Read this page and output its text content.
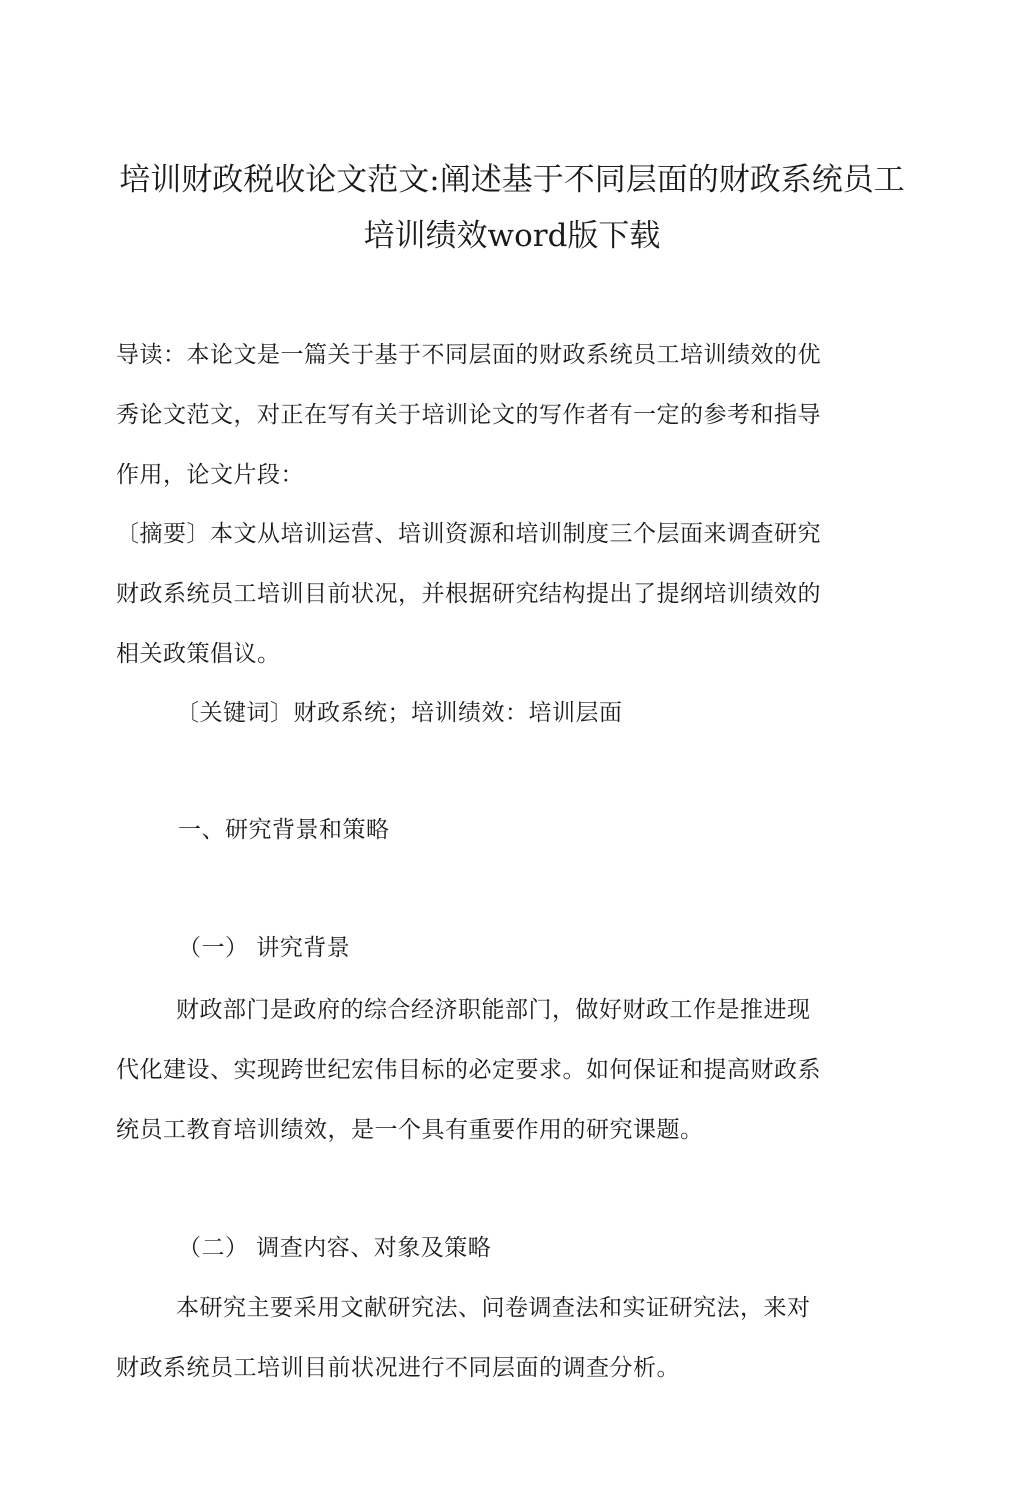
培训财政税收论文范文:阐述基于不同层面的财政系统员工
培训绩效word版下载

导读：本论文是一篇关于基于不同层面的财政系统员工培训绩效的优

秀论文范文，对正在写有关于培训论文的写作者有一定的参考和指导

作用，论文片段：

〔摘要〕本文从培训运营、培训资源和培训制度三个层面来调查研究

财政系统员工培训目前状况，并根据研究结构提出了提纲培训绩效的

相关政策倡议。

〔关键词〕财政系统；培训绩效：培训层面

一、研究背景和策略

（一） 讲究背景

财政部门是政府的综合经济职能部门，做好财政工作是推进现

代化建设、实现跨世纪宏伟目标的必定要求。如何保证和提高财政系

统员工教育培训绩效，是一个具有重要作用的研究课题。

（二） 调查内容、对象及策略

本研究主要采用文献研究法、问卷调查法和实证研究法，来对

财政系统员工培训目前状况进行不同层面的调查分析。
